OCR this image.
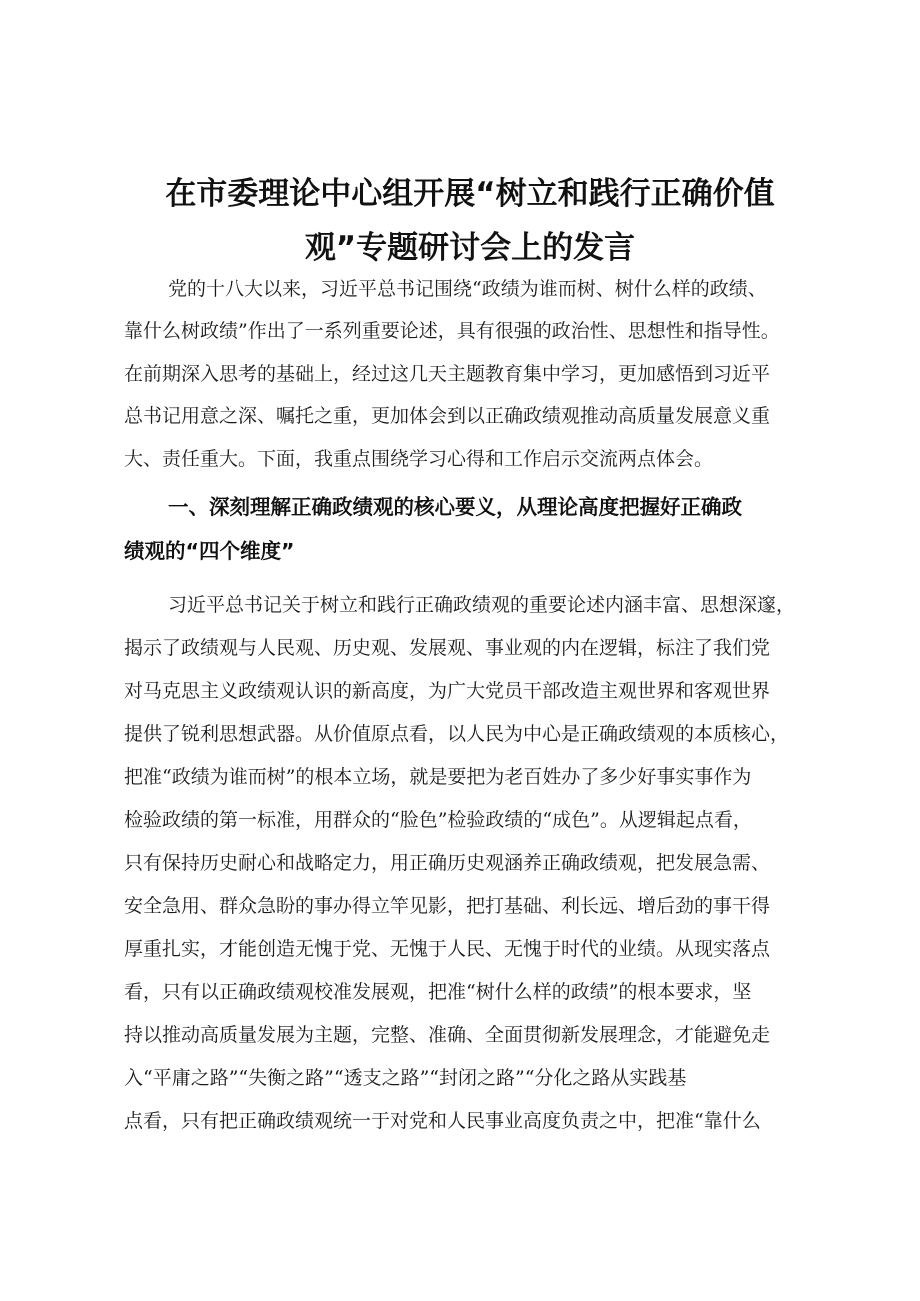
在市委理论中心组开展“树立和践行正确价值
观”专题研讨会上的发言
党的十八大以来，习近平总书记围绕“政绩为谁而树、树什么样的政绩、
靠什么树政绩”作出了一系列重要论述，具有很强的政治性、思想性和指导性。
在前期深入思考的基础上，经过这几天主题教育集中学习，更加感悟到习近平
总书记用意之深、嘱托之重，更加体会到以正确政绩观推动高质量发展意义重
大、责任重大。下面，我重点围绕学习心得和工作启示交流两点体会。
一、深刻理解正确政绩观的核心要义，从理论高度把握好正确政
绩观的“四个维度”
习近平总书记关于树立和践行正确政绩观的重要论述内涵丰富、思想深邃，
揭示了政绩观与人民观、历史观、发展观、事业观的内在逻辑，标注了我们党
对马克思主义政绩观认识的新高度，为广大党员干部改造主观世界和客观世界
提供了锐利思想武器。从价值原点看，以人民为中心是正确政绩观的本质核心，
把准“政绩为谁而树”的根本立场，就是要把为老百姓办了多少好事实事作为
检验政绩的第一标准，用群众的“脸色”检验政绩的“成色”。从逻辑起点看，
只有保持历史耐心和战略定力，用正确历史观涵养正确政绩观，把发展急需、
安全急用、群众急盼的事办得立竿见影，把打基础、利长远、增后劲的事干得
厚重扎实，才能创造无愧于党、无愧于人民、无愧于时代的业绩。从现实落点
看，只有以正确政绩观校准发展观，把准“树什么样的政绩”的根本要求，坚
持以推动高质量发展为主题，完整、准确、全面贯彻新发展理念，才能避免走
入“平庸之路”“失衡之路”“透支之路”“封闭之路”“分化之路从实践基
点看，只有把正确政绩观统一于对党和人民事业高度负责之中，把准“靠什么
